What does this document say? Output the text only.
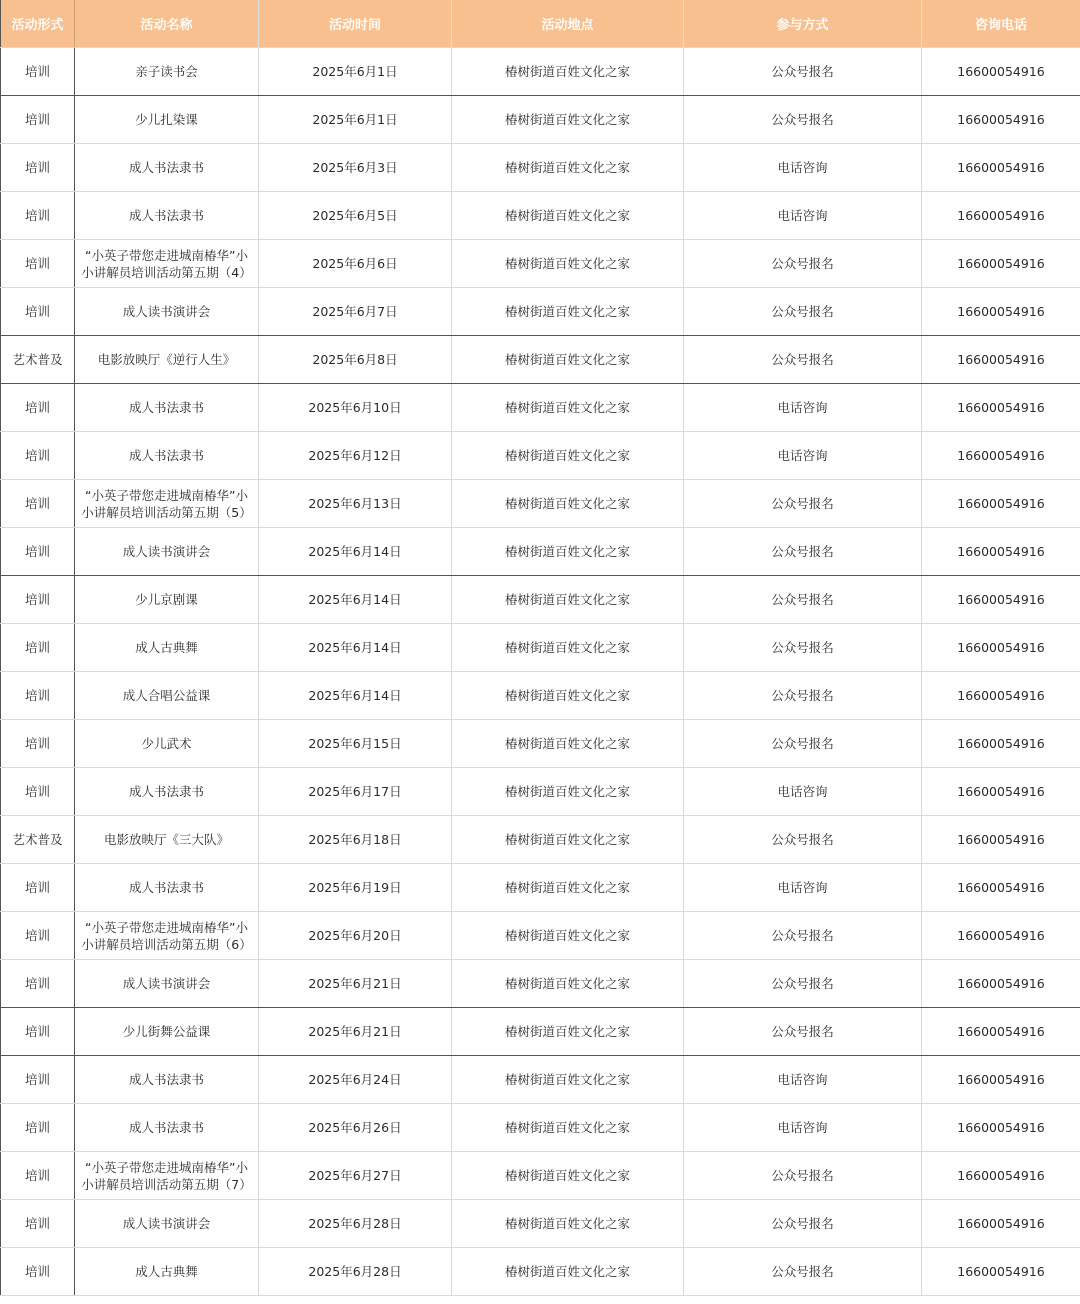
活动形式	活动名称	活动时间	活动地点	参与方式	咨询电话
培训	亲子读书会	2025年6月1日	椿树街道百姓文化之家	公众号报名	16600054916
培训	少儿扎染课	2025年6月1日	椿树街道百姓文化之家	公众号报名	16600054916
培训	成人书法隶书	2025年6月3日	椿树街道百姓文化之家	电话咨询	16600054916
培训	成人书法隶书	2025年6月5日	椿树街道百姓文化之家	电话咨询	16600054916
培训	“小英子带您走进城南椿华”小小讲解员培训活动第五期（4）	2025年6月6日	椿树街道百姓文化之家	公众号报名	16600054916
培训	成人读书演讲会	2025年6月7日	椿树街道百姓文化之家	公众号报名	16600054916
艺术普及	电影放映厅《逆行人生》	2025年6月8日	椿树街道百姓文化之家	公众号报名	16600054916
培训	成人书法隶书	2025年6月10日	椿树街道百姓文化之家	电话咨询	16600054916
培训	成人书法隶书	2025年6月12日	椿树街道百姓文化之家	电话咨询	16600054916
培训	“小英子带您走进城南椿华”小小讲解员培训活动第五期（5）	2025年6月13日	椿树街道百姓文化之家	公众号报名	16600054916
培训	成人读书演讲会	2025年6月14日	椿树街道百姓文化之家	公众号报名	16600054916
培训	少儿京剧课	2025年6月14日	椿树街道百姓文化之家	公众号报名	16600054916
培训	成人古典舞	2025年6月14日	椿树街道百姓文化之家	公众号报名	16600054916
培训	成人合唱公益课	2025年6月14日	椿树街道百姓文化之家	公众号报名	16600054916
培训	少儿武术	2025年6月15日	椿树街道百姓文化之家	公众号报名	16600054916
培训	成人书法隶书	2025年6月17日	椿树街道百姓文化之家	电话咨询	16600054916
艺术普及	电影放映厅《三大队》	2025年6月18日	椿树街道百姓文化之家	公众号报名	16600054916
培训	成人书法隶书	2025年6月19日	椿树街道百姓文化之家	电话咨询	16600054916
培训	“小英子带您走进城南椿华”小小讲解员培训活动第五期（6）	2025年6月20日	椿树街道百姓文化之家	公众号报名	16600054916
培训	成人读书演讲会	2025年6月21日	椿树街道百姓文化之家	公众号报名	16600054916
培训	少儿街舞公益课	2025年6月21日	椿树街道百姓文化之家	公众号报名	16600054916
培训	成人书法隶书	2025年6月24日	椿树街道百姓文化之家	电话咨询	16600054916
培训	成人书法隶书	2025年6月26日	椿树街道百姓文化之家	电话咨询	16600054916
培训	“小英子带您走进城南椿华”小小讲解员培训活动第五期（7）	2025年6月27日	椿树街道百姓文化之家	公众号报名	16600054916
培训	成人读书演讲会	2025年6月28日	椿树街道百姓文化之家	公众号报名	16600054916
培训	成人古典舞	2025年6月28日	椿树街道百姓文化之家	公众号报名	16600054916
